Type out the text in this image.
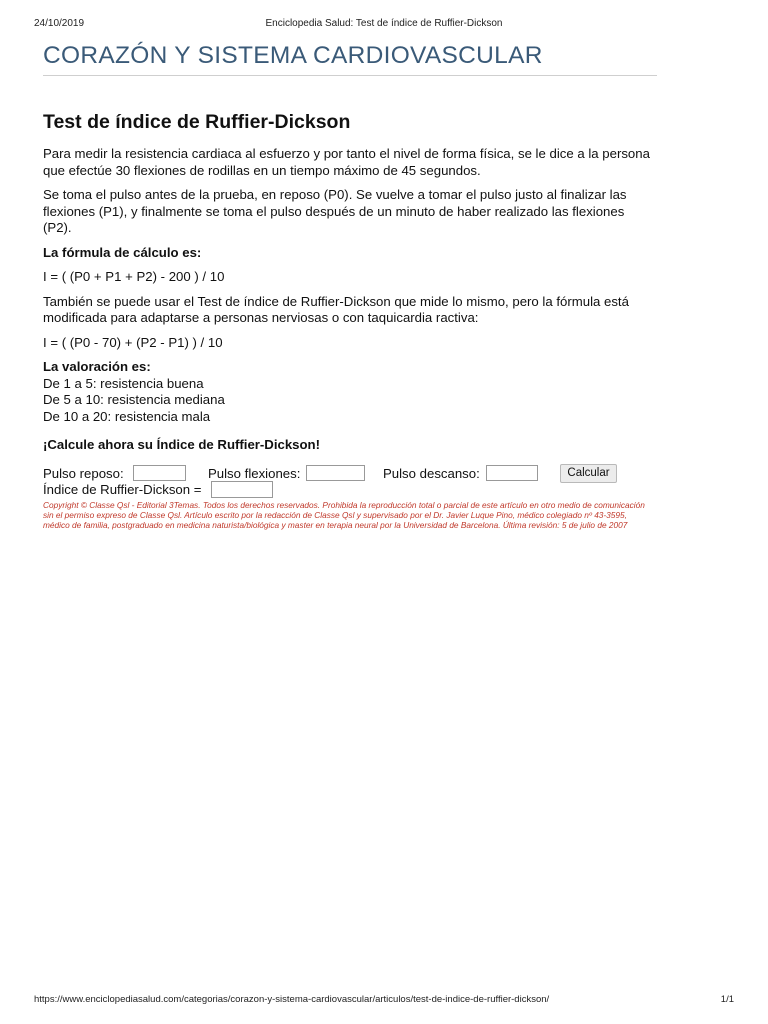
24/10/2019	Enciclopedia Salud: Test de índice de Ruffier-Dickson
CORAZÓN Y SISTEMA CARDIOVASCULAR
Test de índice de Ruffier-Dickson

Para medir la resistencia cardiaca al esfuerzo y por tanto el nivel de forma física, se le dice a la persona que efectúe 30 flexiones de rodillas en un tiempo máximo de 45 segundos.

Se toma el pulso antes de la prueba, en reposo (P0). Se vuelve a tomar el pulso justo al finalizar las flexiones (P1), y finalmente se toma el pulso después de un minuto de haber realizado las flexiones (P2).

La fórmula de cálculo es:

I = ( (P0 + P1 + P2) - 200 ) / 10

También se puede usar el Test de índice de Ruffier-Dickson que mide lo mismo, pero la fórmula está modificada para adaptarse a personas nerviosas o con taquicardia ractiva:

I = ( (P0 - 70) + (P2 - P1) ) / 10

La valoración es:
De 1 a 5: resistencia buena
De 5 a 10: resistencia mediana
De 10 a 20: resistencia mala
¡Calcule ahora su Índice de Ruffier-Dickson!
Pulso reposo:	Pulso flexiones:	Pulso descanso:	Calcular
Índice de Ruffier-Dickson =
Copyright © Classe Qsl - Editorial 3Temas. Todos los derechos reservados. Prohibida la reproducción total o parcial de este artículo en otro medio de comunicación sin el permiso expreso de Classe Qsl. Artículo escrito por la redacción de Classe Qsl y supervisado por el Dr. Javier Luque Pino, médico colegiado nº 43-3595, médico de familia, postgraduado en medicina naturista/biológica y master en terapia neural por la Universidad de Barcelona. Última revisión: 5 de julio de 2007
https://www.enciclopediasalud.com/categorias/corazon-y-sistema-cardiovascular/articulos/test-de-indice-de-ruffier-dickson/	1/1
